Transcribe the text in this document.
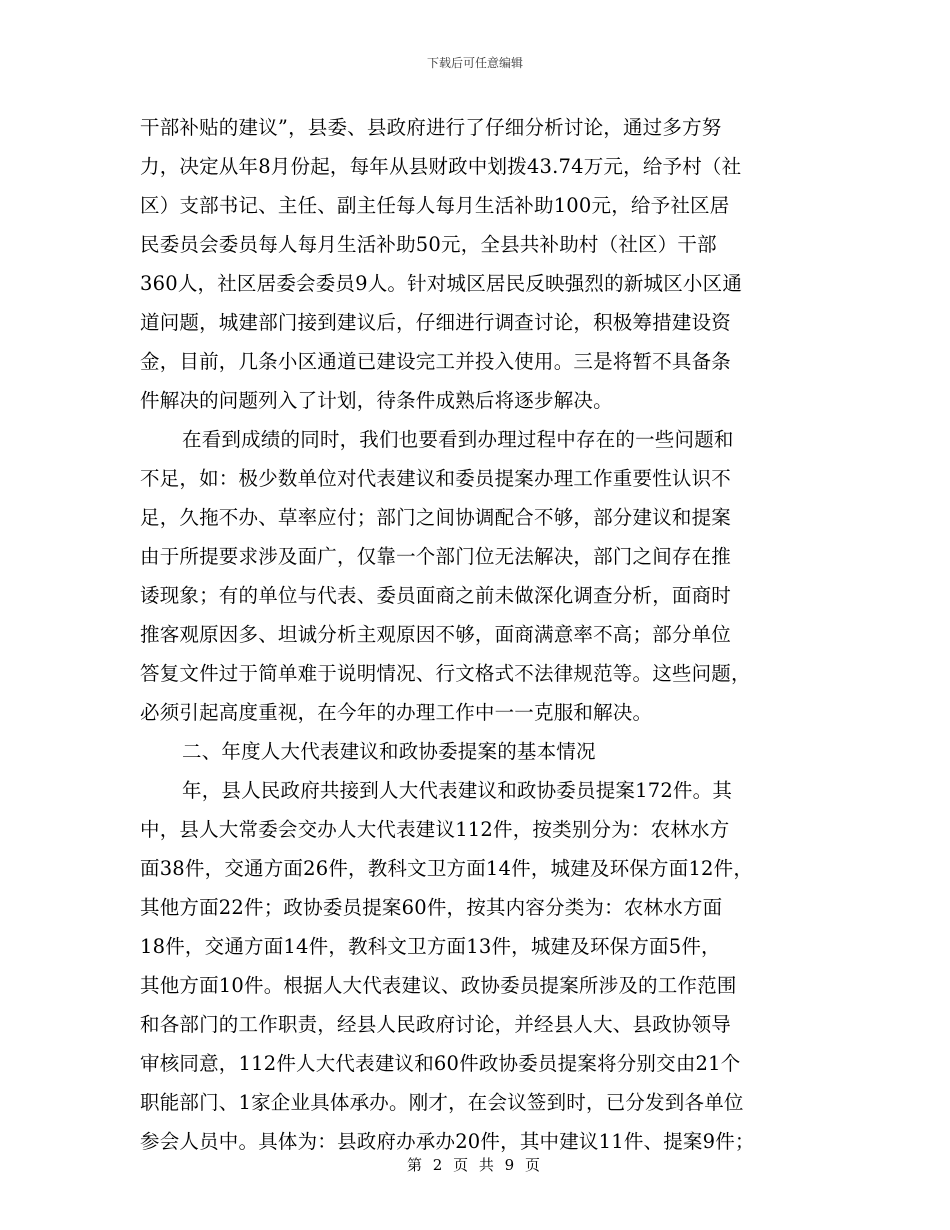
下载后可任意编辑
干部补贴的建议”，县委、县政府进行了仔细分析讨论，通过多方努
力，决定从年8月份起，每年从县财政中划拨43.74万元，给予村（社
区）支部书记、主任、副主任每人每月生活补助100元，给予社区居
民委员会委员每人每月生活补助50元，全县共补助村（社区）干部
360人，社区居委会委员9人。针对城区居民反映强烈的新城区小区通
道问题，城建部门接到建议后，仔细进行调查讨论，积极筹措建设资
金，目前，几条小区通道已建设完工并投入使用。三是将暂不具备条
件解决的问题列入了计划，待条件成熟后将逐步解决。
在看到成绩的同时，我们也要看到办理过程中存在的一些问题和
不足，如：极少数单位对代表建议和委员提案办理工作重要性认识不
足，久拖不办、草率应付；部门之间协调配合不够，部分建议和提案
由于所提要求涉及面广，仅靠一个部门位无法解决，部门之间存在推
诿现象；有的单位与代表、委员面商之前未做深化调查分析，面商时
推客观原因多、坦诚分析主观原因不够，面商满意率不高；部分单位
答复文件过于简单难于说明情况、行文格式不法律规范等。这些问题，
必须引起高度重视，在今年的办理工作中一一克服和解决。
二、年度人大代表建议和政协委提案的基本情况
年，县人民政府共接到人大代表建议和政协委员提案172件。其
中，县人大常委会交办人大代表建议112件，按类别分为：农林水方
面38件，交通方面26件，教科文卫方面14件，城建及环保方面12件，
其他方面22件；政协委员提案60件，按其内容分类为：农林水方面
18件，交通方面14件，教科文卫方面13件，城建及环保方面5件，
其他方面10件。根据人大代表建议、政协委员提案所涉及的工作范围
和各部门的工作职责，经县人民政府讨论，并经县人大、县政协领导
审核同意，112件人大代表建议和60件政协委员提案将分别交由21个
职能部门、1家企业具体承办。刚才，在会议签到时，已分发到各单位
参会人员中。具体为：县政府办承办20件，其中建议11件、提案9件；
第 2 页 共 9 页
